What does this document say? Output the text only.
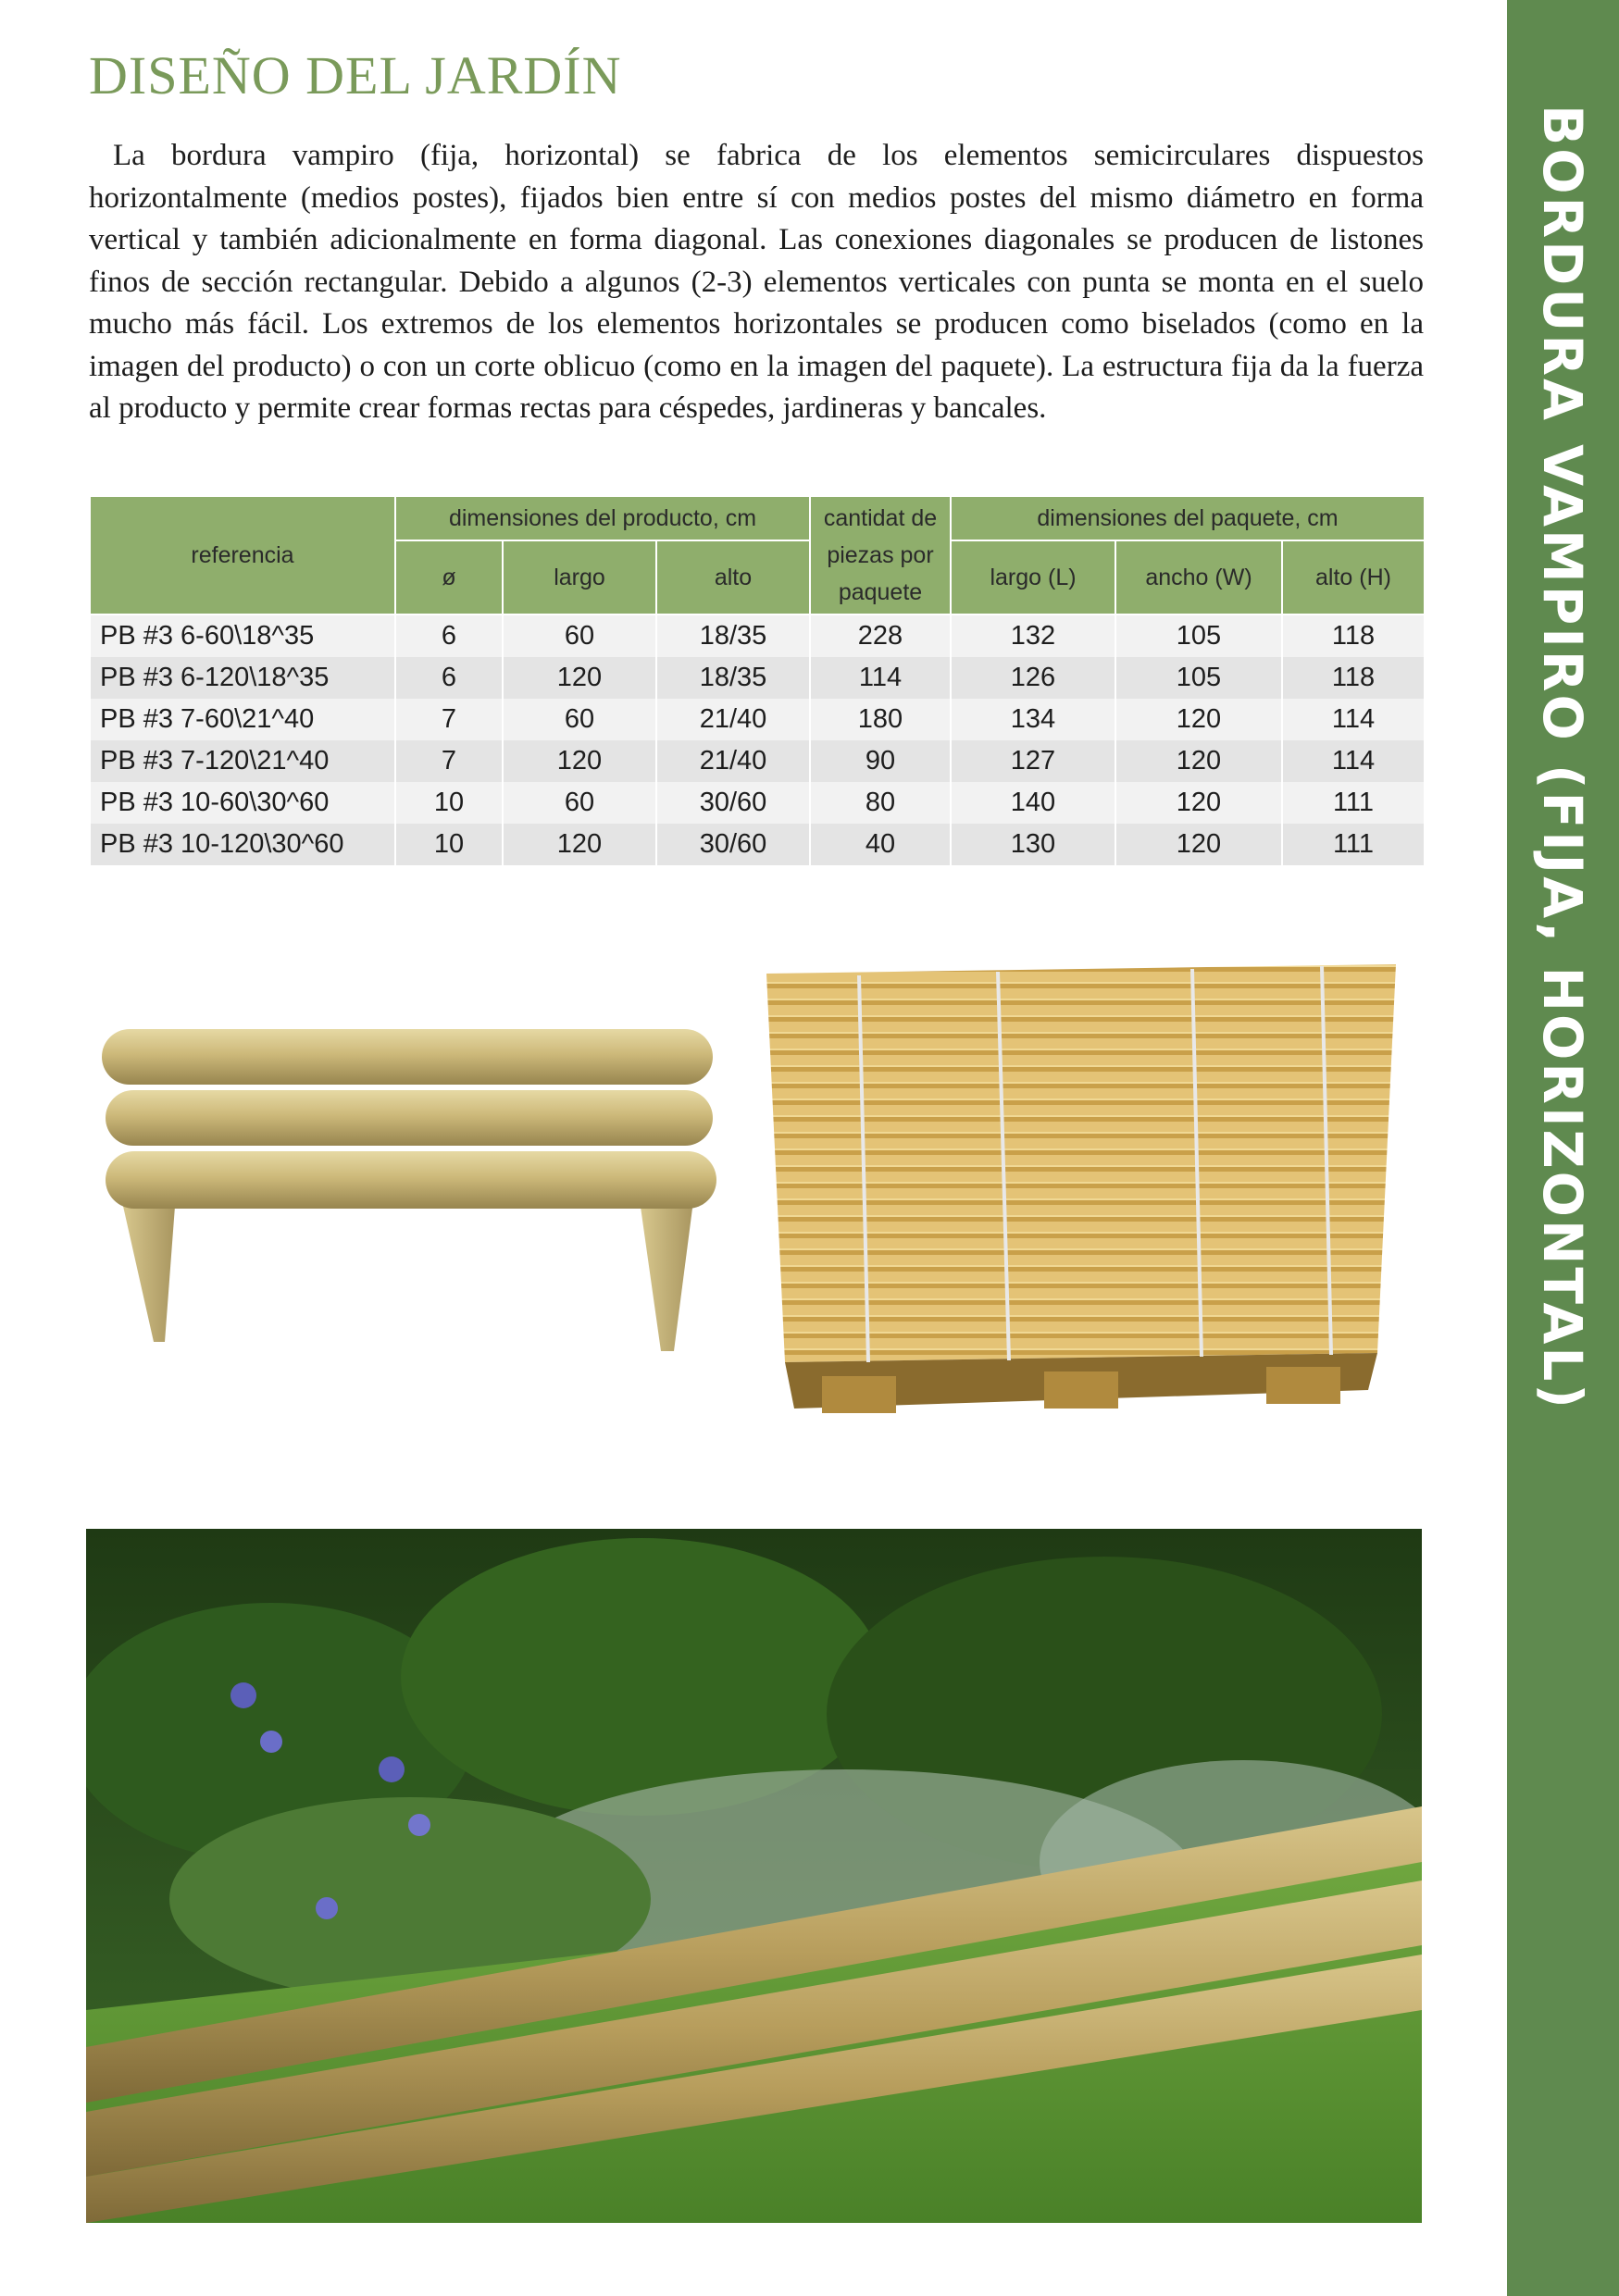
BORDURA VAMPIRO (FIJA, HORIZONTAL)
DISEÑO DEL JARDÍN

La bordura vampiro (fija, horizontal) se fabrica de los elementos semicirculares dispuestos horizontalmente (medios postes), fijados bien entre sí con medios postes del mismo diámetro en forma vertical y también adicionalmente en forma diagonal. Las conexiones diagonales se producen de listones finos de sección rectangular. Debido a algunos (2-3) elementos verticales con punta se monta en el suelo mucho más fácil. Los extremos de los elementos horizontales se producen como biselados (como en la imagen del producto) o con un corte oblicuo (como en la imagen del paquete). La estructura fija da la fuerza al producto y permite crear formas rectas para céspedes, jardineras y bancales.

referencia	dimensiones del producto, cm			cantidat de piezas por paquete	dimensiones del paquete, cm		
	ø	largo	alto		largo (L)	ancho (W)	alto (H)
PB #3 6-60\18^35	6	60	18/35	228	132	105	118
PB #3 6-120\18^35	6	120	18/35	114	126	105	118
PB #3 7-60\21^40	7	60	21/40	180	134	120	114
PB #3 7-120\21^40	7	120	21/40	90	127	120	114
PB #3 10-60\30^60	10	60	30/60	80	140	120	111
PB #3 10-120\30^60	10	120	30/60	40	130	120	111
